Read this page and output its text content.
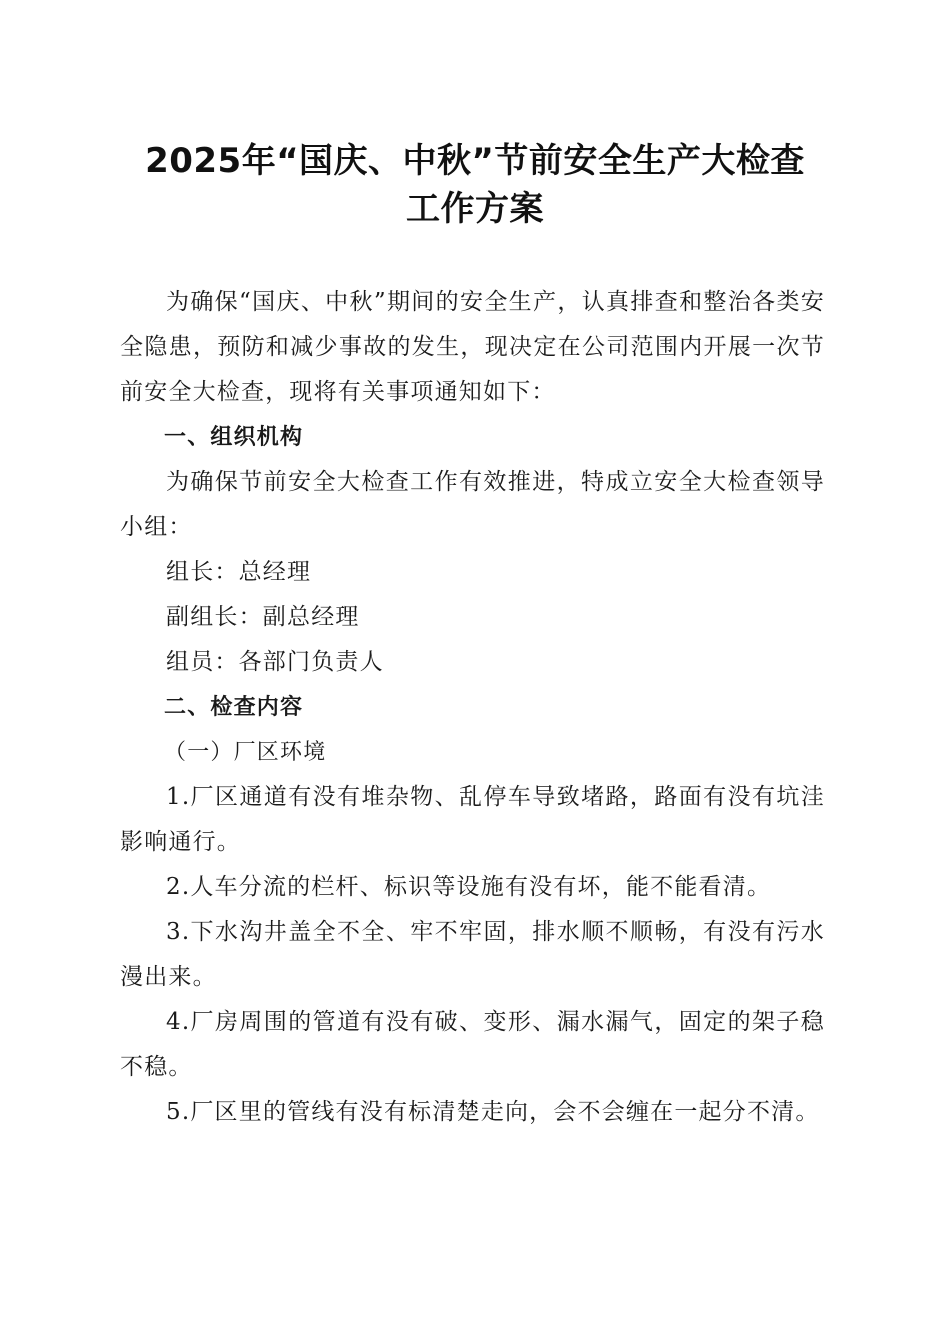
2025年“国庆、中秋”节前安全生产大检查
工作方案

为确保“国庆、中秋”期间的安全生产，认真排查和整治各类安全隐患，预防和减少事故的发生，现决定在公司范围内开展一次节前安全大检查，现将有关事项通知如下：

一、组织机构

为确保节前安全大检查工作有效推进，特成立安全大检查领导小组：

组长：总经理

副组长：副总经理

组员：各部门负责人

二、检查内容

（一）厂区环境

1.厂区通道有没有堆杂物、乱停车导致堵路，路面有没有坑洼影响通行。

2.人车分流的栏杆、标识等设施有没有坏，能不能看清。

3.下水沟井盖全不全、牢不牢固，排水顺不顺畅，有没有污水漫出来。

4.厂房周围的管道有没有破、变形、漏水漏气，固定的架子稳不稳。

5.厂区里的管线有没有标清楚走向，会不会缠在一起分不清。
